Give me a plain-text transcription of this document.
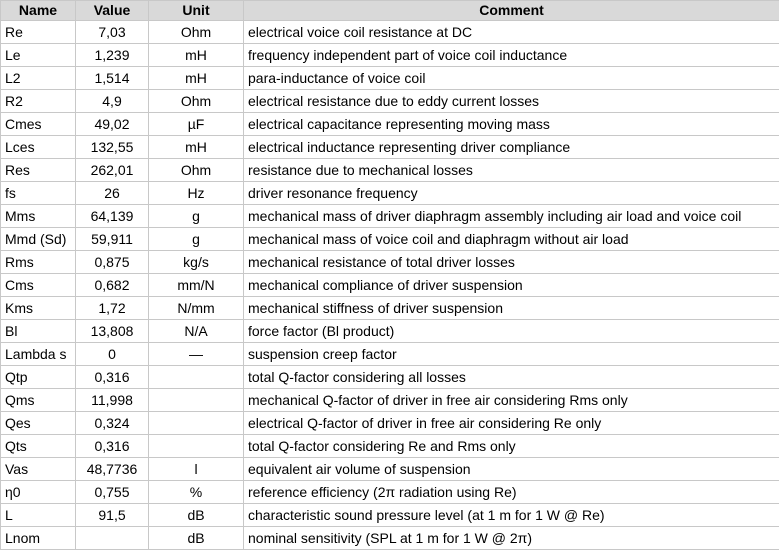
Name	Value	Unit	Comment
Re	7,03	Ohm	electrical voice coil resistance at DC
Le	1,239	mH	frequency independent part of voice coil inductance
L2	1,514	mH	para-inductance of voice coil
R2	4,9	Ohm	electrical resistance due to eddy current losses
Cmes	49,02	µF	electrical capacitance representing moving mass
Lces	132,55	mH	electrical inductance representing driver compliance
Res	262,01	Ohm	resistance due to mechanical losses
fs	26	Hz	driver resonance frequency
Mms	64,139	g	mechanical mass of driver diaphragm assembly including air load and voice coil
Mmd (Sd)	59,911	g	mechanical mass of voice coil and diaphragm without air load
Rms	0,875	kg/s	mechanical resistance of total driver losses
Cms	0,682	mm/N	mechanical compliance of driver suspension
Kms	1,72	N/mm	mechanical stiffness of driver suspension
Bl	13,808	N/A	force factor (Bl product)
Lambda s	0	—	suspension creep factor
Qtp	0,316		total Q-factor considering all losses
Qms	11,998		mechanical Q-factor of driver in free air considering Rms only
Qes	0,324		electrical Q-factor of driver in free air considering Re only
Qts	0,316		total Q-factor considering Re and Rms only
Vas	48,7736	l	equivalent air volume of suspension
η0	0,755	%	reference efficiency (2π radiation using Re)
L	91,5	dB	characteristic sound pressure level (at 1 m for 1 W @ Re)
Lnom		dB	nominal sensitivity (SPL at 1 m for 1 W @ 2π)
